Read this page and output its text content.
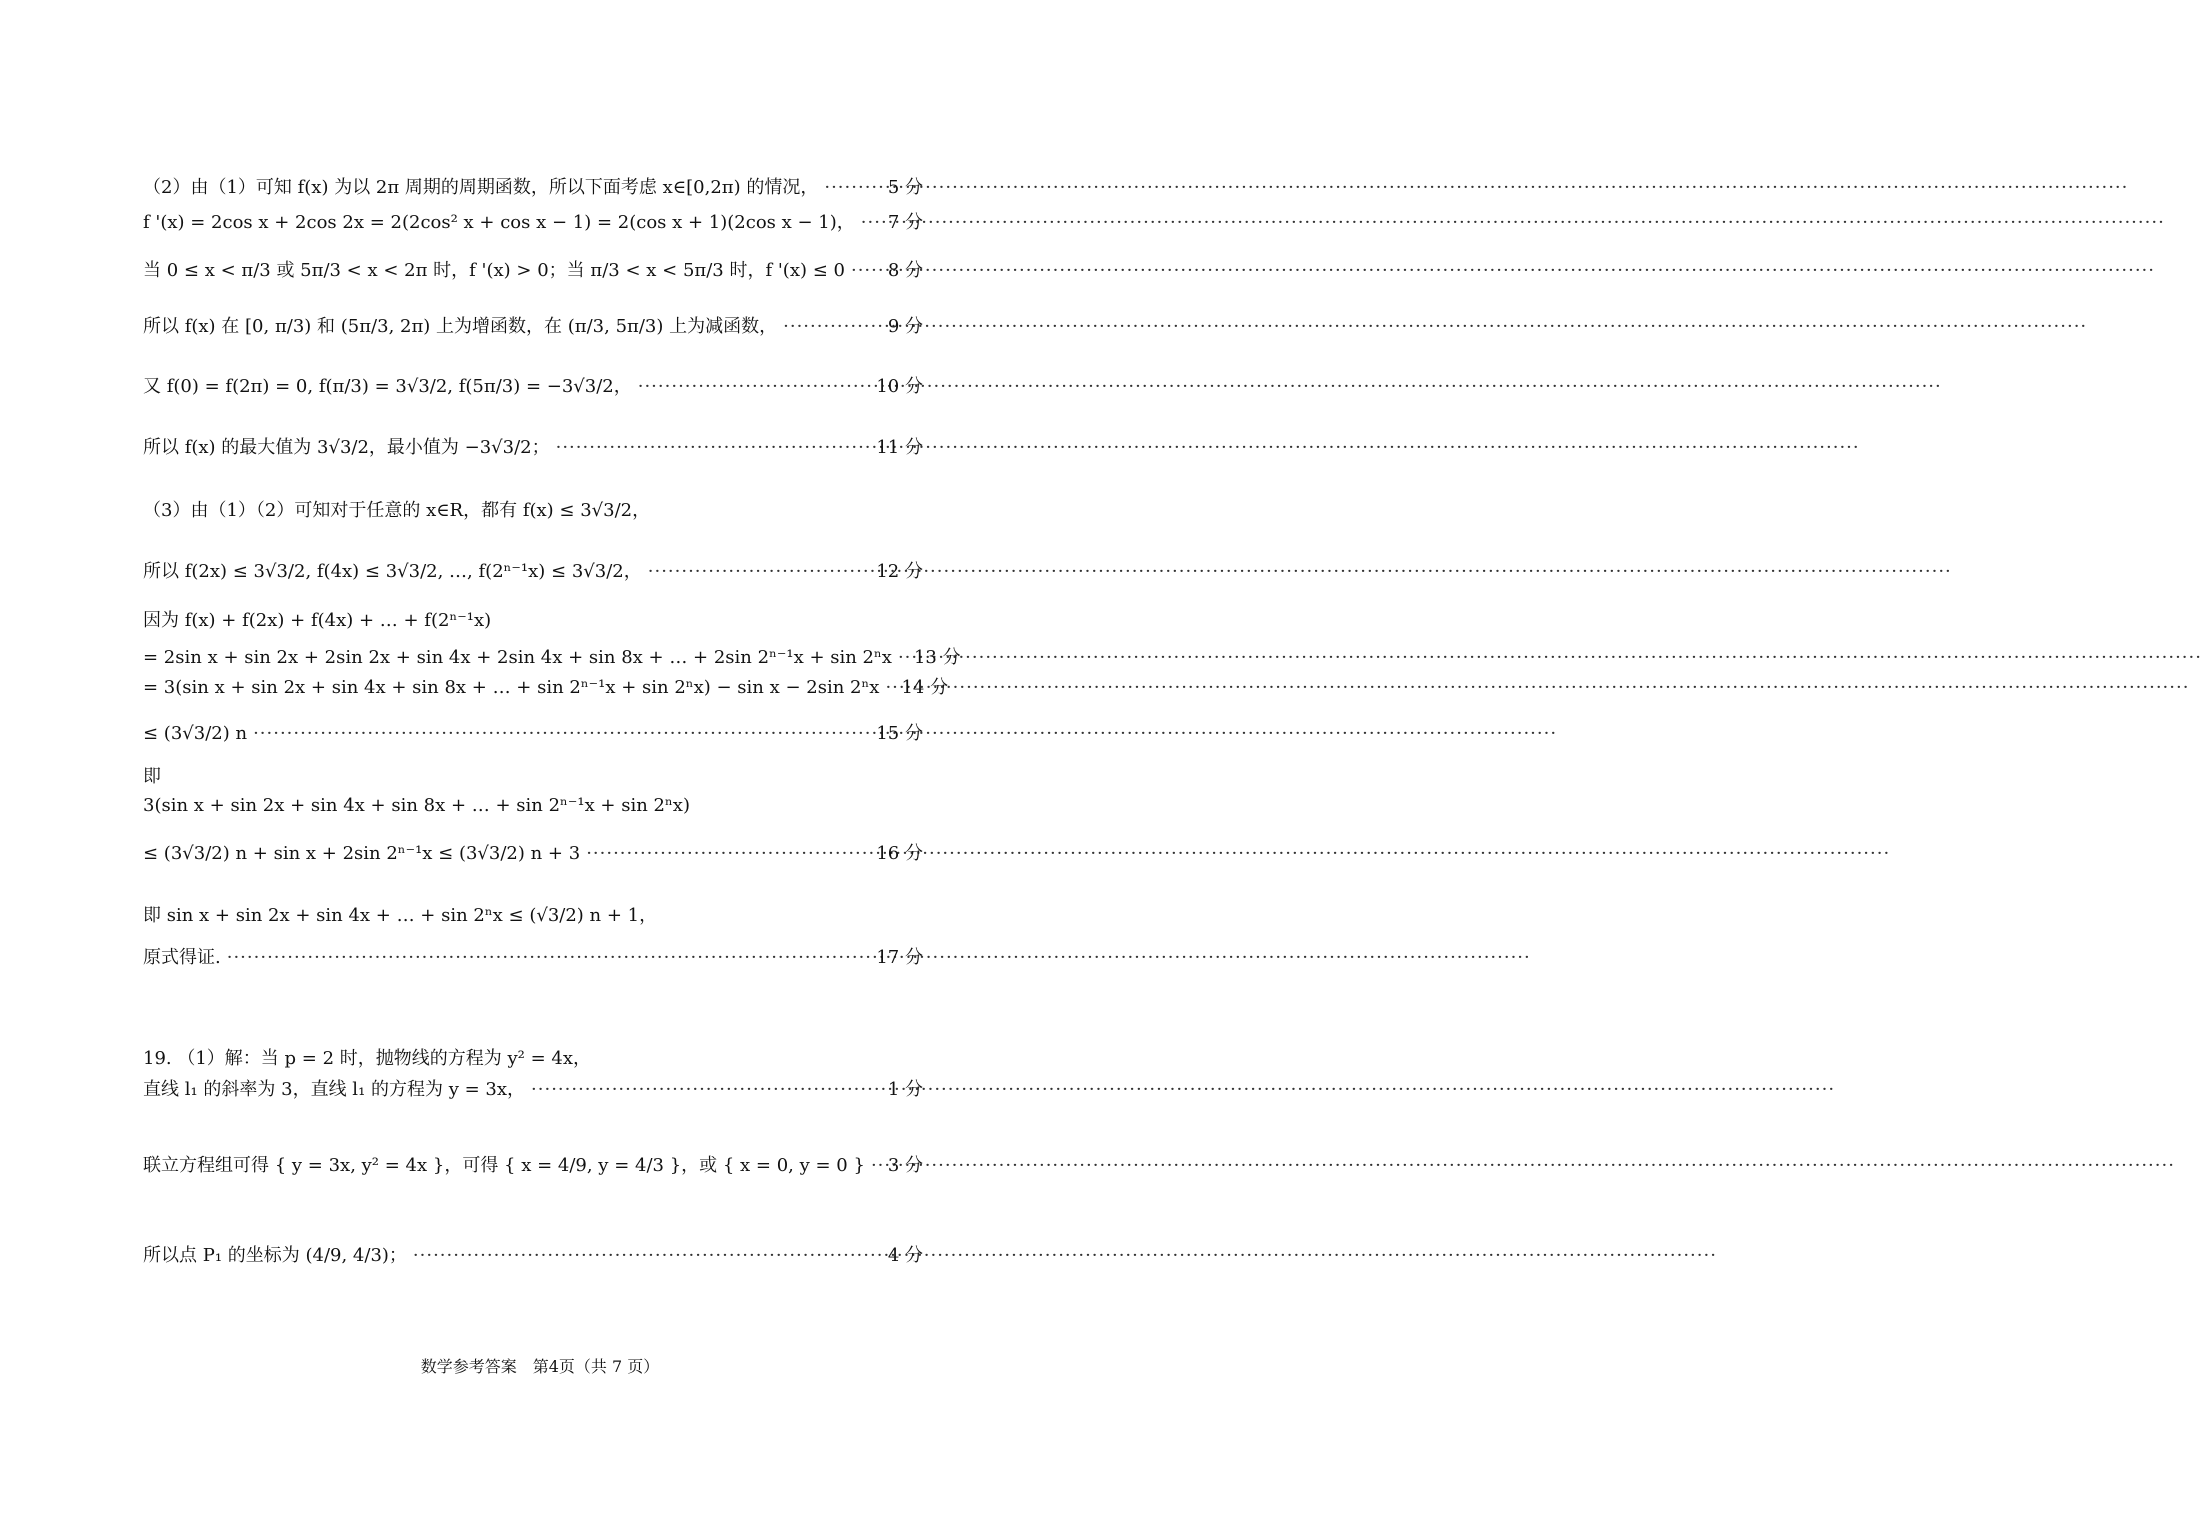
（2）由（1）可知 f(x) 为以 2π 周期的周期函数，所以下面考虑 x∈[0,2π) 的情况， ·····	5 分
f '(x) = 2cos x + 2cos 2x = 2(2cos² x + cos x − 1) = 2(cos x + 1)(2cos x − 1)， ····· 7 分
当 0 ≤ x < π/3 或 5π/3 < x < 2π 时，f '(x) > 0；当 π/3 < x < 5π/3 时，f '(x) ≤ 0 ····· 8 分
所以 f(x) 在 [0, π/3) 和 (5π/3, 2π) 上为增函数，在 (π/3, 5π/3) 上为减函数， ·····	9 分
又 f(0) = f(2π) = 0, f(π/3) = 3√3/2, f(5π/3) = −3√3/2， ·····	10 分
所以 f(x) 的最大值为 3√3/2，最小值为 −3√3/2； ·····	11 分
（3）由（1）（2）可知对于任意的 x∈R，都有 f(x) ≤ 3√3/2，
所以 f(2x) ≤ 3√3/2, f(4x) ≤ 3√3/2, …, f(2ⁿ⁻¹x) ≤ 3√3/2， ·····	12 分
因为 f(x) + f(2x) + f(4x) + … + f(2ⁿ⁻¹x)
= 2sin x + sin 2x + 2sin 2x + sin 4x + 2sin 4x + sin 8x + … + 2sin 2ⁿ⁻¹x + sin 2ⁿx ····· 13 分
= 3(sin x + sin 2x + sin 4x + sin 8x + … + sin 2ⁿ⁻¹x + sin 2ⁿx) − sin x − 2sin 2ⁿx ····· 14 分
≤ (3√3/2) n ·····	15 分
即
3(sin x + sin 2x + sin 4x + sin 8x + … + sin 2ⁿ⁻¹x + sin 2ⁿx)
≤ (3√3/2) n + sin x + 2sin 2ⁿ⁻¹x ≤ (3√3/2) n + 3 ·····	16 分
即 sin x + sin 2x + sin 4x + … + sin 2ⁿx ≤ (√3/2) n + 1，
原式得证. ·····	17 分
19. （1）解：当 p = 2 时，抛物线的方程为 y² = 4x，
直线 l₁ 的斜率为 3，直线 l₁ 的方程为 y = 3x， ·····	1 分
联立方程组可得 { y = 3x, y² = 4x }，可得 { x = 4/9, y = 4/3 }，或 { x = 0, y = 0 } ····· 3 分
所以点 P₁ 的坐标为 (4/9, 4/3)； ·····	4 分
数学参考答案　第4页（共 7 页）
